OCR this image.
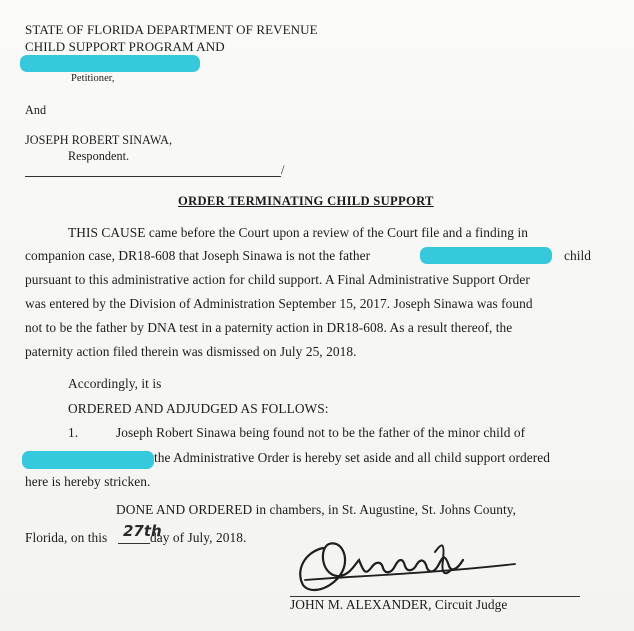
STATE OF FLORIDA DEPARTMENT OF REVENUE
CHILD SUPPORT PROGRAM AND
Petitioner,
And
JOSEPH ROBERT SINAWA,
Respondent.
/
ORDER TERMINATING CHILD SUPPORT
THIS CAUSE came before the Court upon a review of the Court file and a finding in
companion case, DR18-608 that Joseph Sinawa is not the father	child
pursuant to this administrative action for child support. A Final Administrative Support Order
was entered by the Division of Administration September 15, 2017. Joseph Sinawa was found
not to be the father by DNA test in a paternity action in DR18-608. As a result thereof, the
paternity action filed therein was dismissed on July 25, 2018.
Accordingly, it is
ORDERED AND ADJUDGED AS FOLLOWS:
1.	Joseph Robert Sinawa being found not to be the father of the minor child of
the Administrative Order is hereby set aside and all child support ordered
here is hereby stricken.
DONE AND ORDERED in chambers, in St. Augustine, St. Johns County,
Florida, on this 27th
day of July, 2018.
JOHN M. ALEXANDER, Circuit Judge
